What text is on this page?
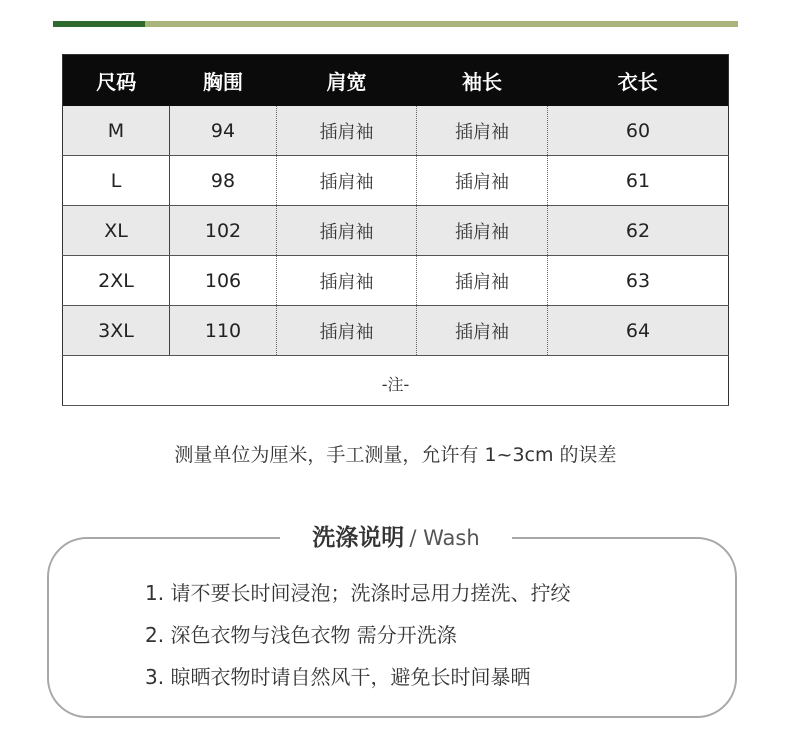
尺码	胸围	肩宽	袖长	衣长
M	94	插肩袖	插肩袖	60
L	98	插肩袖	插肩袖	61
XL	102	插肩袖	插肩袖	62
2XL	106	插肩袖	插肩袖	63
3XL	110	插肩袖	插肩袖	64

-注-
测量单位为厘米，手工测量，允许有 1~3cm 的误差				
洗涤说明 / Wash
1. 请不要长时间浸泡；洗涤时忌用力搓洗、拧绞
2. 深色衣物与浅色衣物 需分开洗涤
3. 晾晒衣物时请自然风干，避免长时间暴晒
